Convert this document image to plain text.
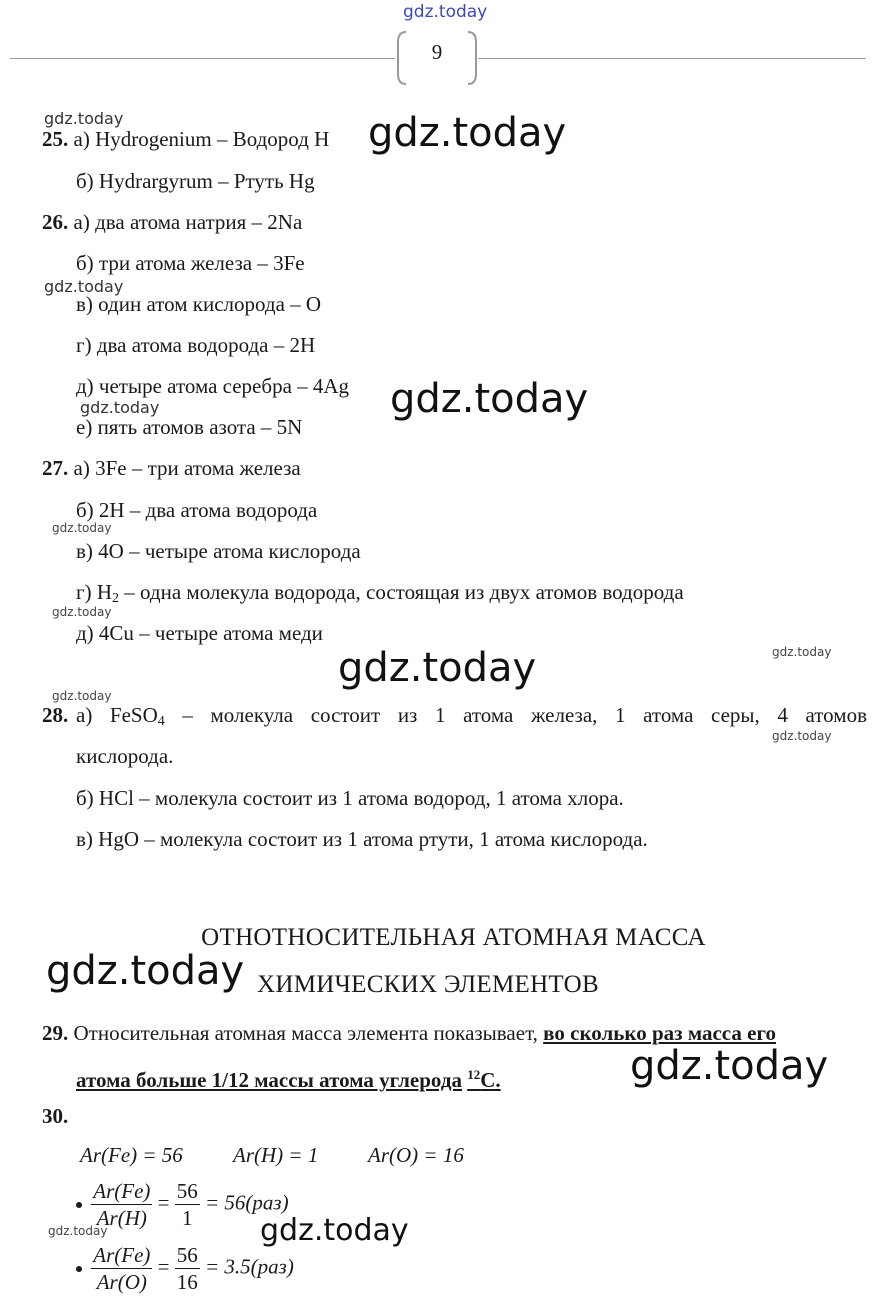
gdz.today
9
gdz.today
25. а) Hydrogenium – Водород H gdz.today
б) Hydrargyrum – Ртуть Hg
26. а) два атома натрия – 2Na
б) три атома железа – 3Fe
gdz.today
в) один атом кислорода – O
г) два атома водорода – 2H
д) четыре атома серебра – 4Ag gdz.today
gdz.today
е) пять атомов азота – 5N
27. а) 3Fe – три атома железа
б) 2H – два атома водорода
gdz.today
в) 4O – четыре атома кислорода
г) $H_2$ – одна молекула водорода, состоящая из двух атомов водорода
gdz.today
д) 4Cu – четыре атома меди
gdz.today
gdz.today
gdz.today
28. а) FeSO$_4$ – молекула состоит из 1 атома железа, 1 атома серы, 4 атомов
gdz.today
кислорода.
б) HCl – молекула состоит из 1 атома водород, 1 атома хлора.
в) HgO – молекула состоит из 1 атома ртути, 1 атома кислорода.
ОТНОТНОСИТЕЛЬНАЯ АТОМНАЯ МАССА
gdz.today ХИМИЧЕСКИХ ЭЛЕМЕНТОВ
29. Относительная атомная масса элемента показывает, во сколько раз масса его
атома больше 1/12 массы атома углерода $^{12}$C.	gdz.today
30.
Ar(Fe) = 56 Ar(H) = 1 Ar(O) = 16

$\frac{Ar(Fe)}{Ar(H)} = \frac{56}{1} = 56(раз)$
gdz.today	gdz.today

$\frac{Ar(Fe)}{Ar(O)} = \frac{56}{16} = 3.5(раз)$
